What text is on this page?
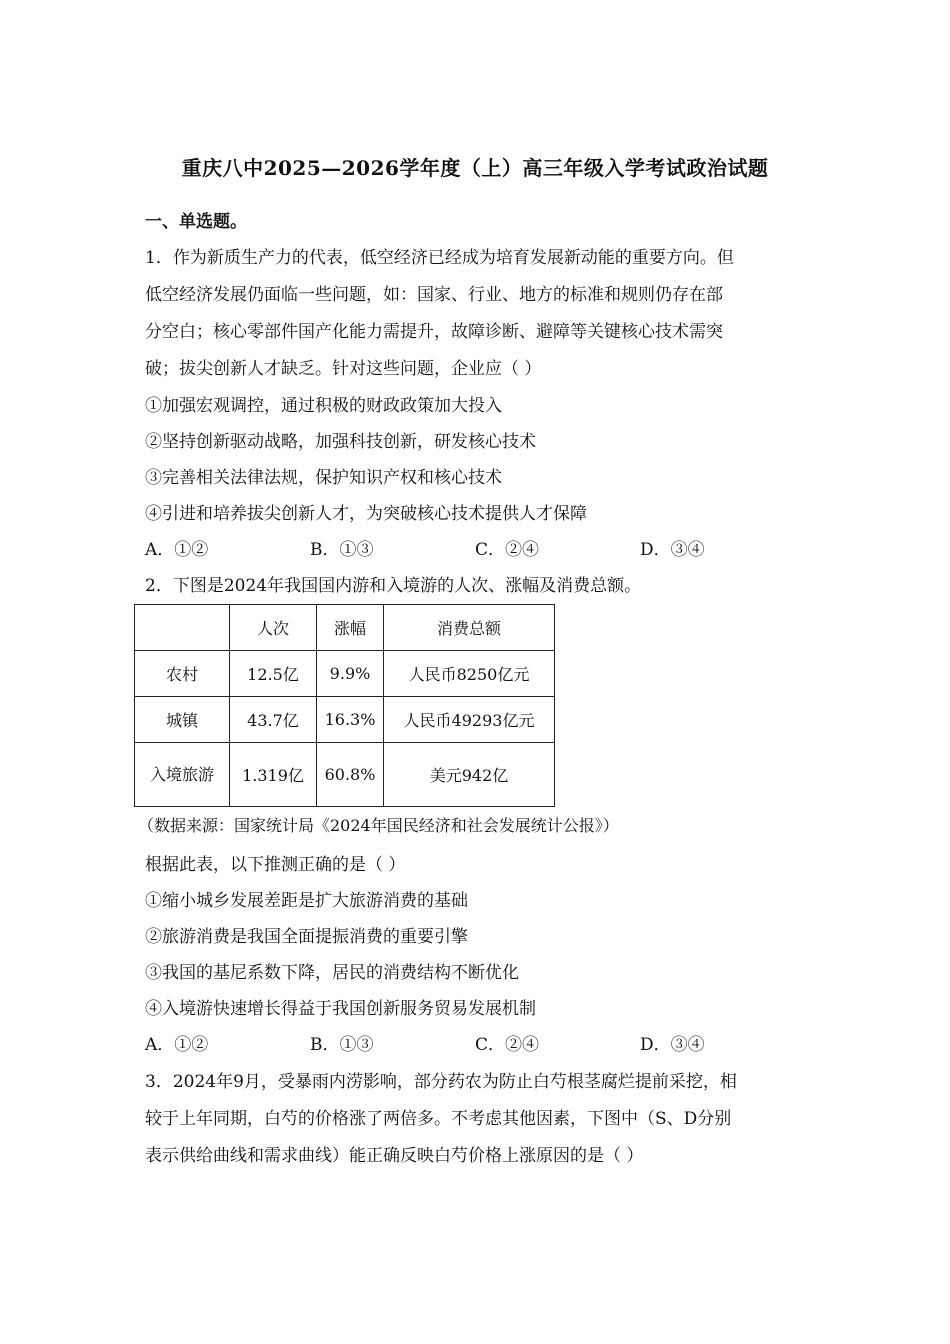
重庆八中2025—2026学年度（上）高三年级入学考试政治试题
一、单选题。
1．作为新质生产力的代表，低空经济已经成为培育发展新动能的重要方向。但
低空经济发展仍面临一些问题，如：国家、行业、地方的标准和规则仍存在部
分空白；核心零部件国产化能力需提升，故障诊断、避障等关键核心技术需突
破；拔尖创新人才缺乏。针对这些问题，企业应（ ）
①加强宏观调控，通过积极的财政政策加大投入
②坚持创新驱动战略，加强科技创新，研发核心技术
③完善相关法律法规，保护知识产权和核心技术
④引进和培养拔尖创新人才，为突破核心技术提供人才保障
A．①②	B．①③	C．②④	D．③④
2．下图是2024年我国国内游和入境游的人次、涨幅及消费总额。
	人次	涨幅	消费总额
农村	12.5亿	9.9%	人民币8250亿元
城镇	43.7亿	16.3%	人民币49293亿元
入境旅游	1.319亿	60.8%	美元942亿
（数据来源：国家统计局《2024年国民经济和社会发展统计公报》）
根据此表，以下推测正确的是（ ）
①缩小城乡发展差距是扩大旅游消费的基础
②旅游消费是我国全面提振消费的重要引擎
③我国的基尼系数下降，居民的消费结构不断优化
④入境游快速增长得益于我国创新服务贸易发展机制
A．①②	B．①③	C．②④	D．③④
3．2024年9月，受暴雨内涝影响，部分药农为防止白芍根茎腐烂提前采挖，相
较于上年同期，白芍的价格涨了两倍多。不考虑其他因素，下图中（S、D分别
表示供给曲线和需求曲线）能正确反映白芍价格上涨原因的是（ ）
